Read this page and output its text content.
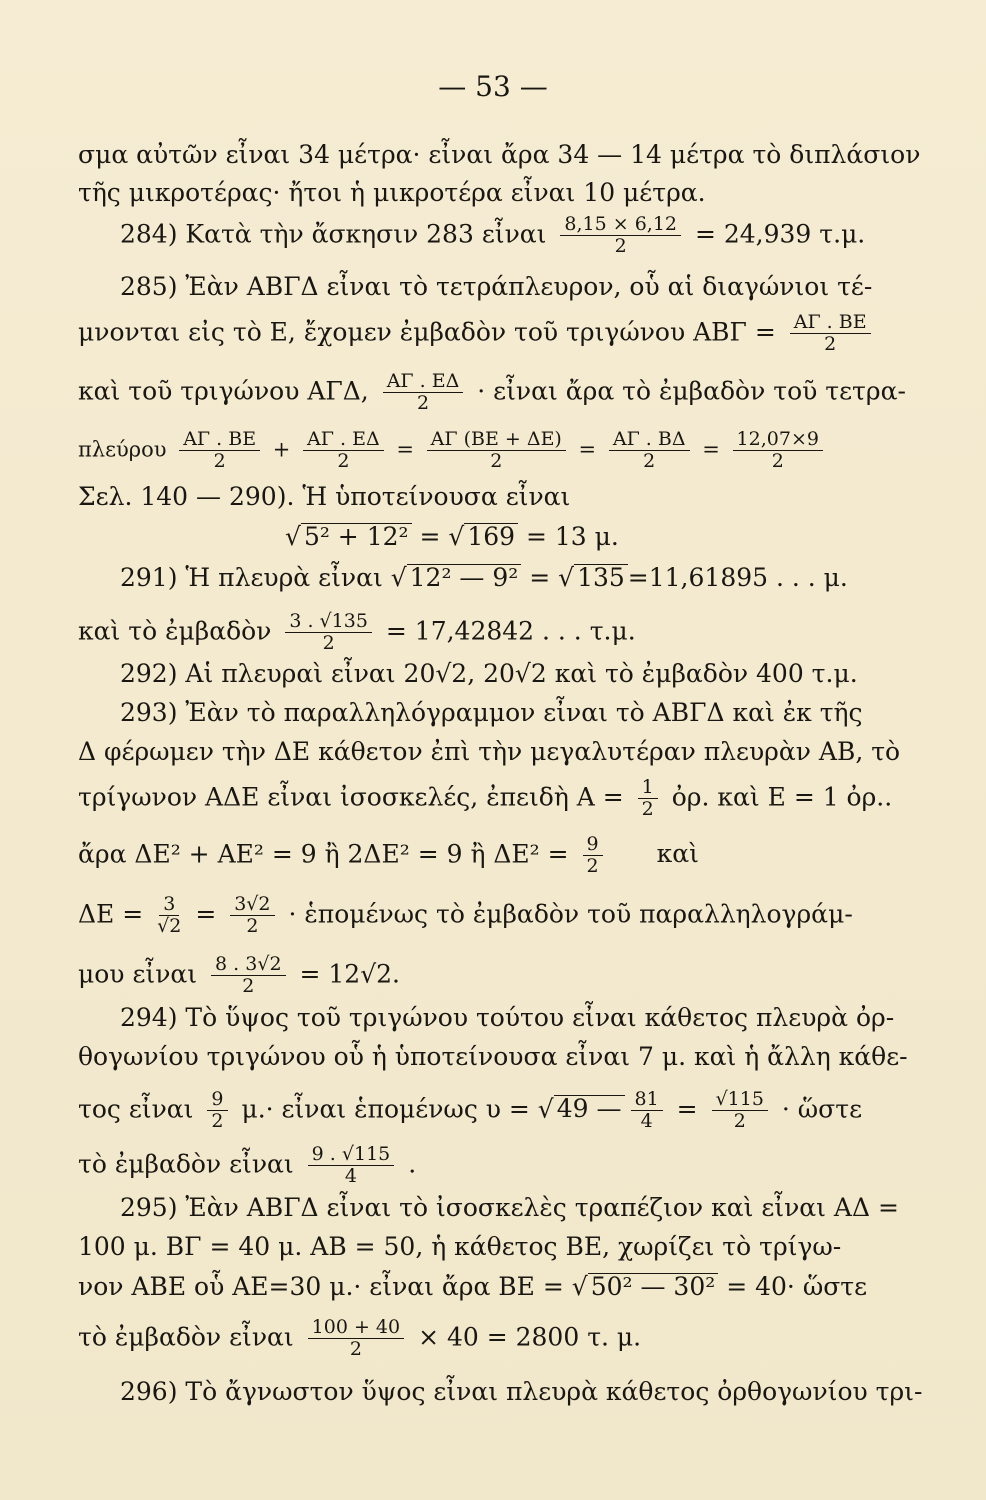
— 53 —
σμα αὐτῶν εἶναι 34 μέτρα· εἶναι ἄρα 34 — 14 μέτρα τὸ διπλάσιον
τῆς μικροτέρας· ἤτοι ἡ μικροτέρα εἶναι 10 μέτρα.
284) Κατὰ τὴν ἄσκησιν 283 εἶναι $\frac{8,15 \times 6,12}{2} = 24,939$ τ.μ.
285) Ἐὰν ΑΒΓΔ εἶναι τὸ τετράπλευρον, οὗ αἱ διαγώνιοι τέ-
μνονται εἰς τὸ Ε, ἔχομεν ἐμβαδὸν τοῦ τριγώνου $AB\Gamma = \frac{A\Gamma . BE}{2}$
καὶ τοῦ τριγώνου ΑΓΔ, $\frac{A\Gamma . E\Delta}{2}$ · εἶναι ἄρα τὸ ἐμβαδὸν τοῦ τετρα-
πλεύρου $\frac{A\Gamma . BE}{2} + \frac{A\Gamma . E\Delta}{2} = \frac{A\Gamma (BE + \Delta E)}{2} = \frac{A\Gamma . B\Delta}{2} = \frac{12,07\times 9}{2}$
Σελ. 140 — 290). Ἡ ὑποτείνουσα εἶναι
√ 5² + 12² = √ 169 = 13 μ.
291) Ἡ πλευρὰ εἶναι √ 12² — 9² = √ 135 =11,61895 . . . μ.
καὶ τὸ ἐμβαδὸν $\frac{3 . √135}{2} = 17,42842$ . . . τ.μ.
292) Αἱ πλευραὶ εἶναι 20√2, 20√2 καὶ τὸ ἐμβαδὸν 400 τ.μ.
293) Ἐὰν τὸ παραλληλόγραμμον εἶναι τὸ ΑΒΓΔ καὶ ἐκ τῆς
Δ φέρωμεν τὴν ΔΕ κάθετον ἐπὶ τὴν μεγαλυτέραν πλευρὰν ΑΒ, τὸ
τρίγωνον ΑΔΕ εἶναι ἰσοσκελές, ἐπειδὴ $A = \frac{1}{2}$ ὀρ. καὶ Ε = 1 ὀρ..
ἄρα ΔΕ² + ΑΕ² = 9 ἢ 2ΔΕ² = 9 ἢ $\Delta E^2 = \frac{9}{2}$ καὶ
$\Delta E = \frac{3}{√2} = \frac{3√2}{2}$ · ἑπομένως τὸ ἐμβαδὸν τοῦ παραλληλογράμ-
μου εἶναι $\frac{8 . 3√2}{2} = 12√2$.
294) Τὸ ὕψος τοῦ τριγώνου τούτου εἶναι κάθετος πλευρὰ ὀρ-
θογωνίου τριγώνου οὗ ἡ ὑποτείνουσα εἶναι 7 μ. καὶ ἡ ἄλλη κάθε-
τος εἶναι $\frac{9}{2} \mu.\cdot$ εἶναι ἑπομένως υ = √ 49 — $\frac{81}{4} = \frac{√115}{2}$ · ὥστε
τὸ ἐμβαδὸν εἶναι $\frac{9 . √115}{4}$ .
295) Ἐὰν ΑΒΓΔ εἶναι τὸ ἰσοσκελὲς τραπέζιον καὶ εἶναι ΑΔ =
100 μ. ΒΓ = 40 μ. ΑΒ = 50, ἡ κάθετος ΒΕ, χωρίζει τὸ τρίγω-
νον ΑΒΕ οὗ ΑΕ=30 μ.· εἶναι ἄρα ΒΕ = √ 50² — 30² = 40· ὥστε
τὸ ἐμβαδὸν εἶναι $\frac{100 + 40}{2} \times 40 = 2800$ τ. μ.
296) Τὸ ἄγνωστον ὕψος εἶναι πλευρὰ κάθετος ὀρθογωνίου τρι-
